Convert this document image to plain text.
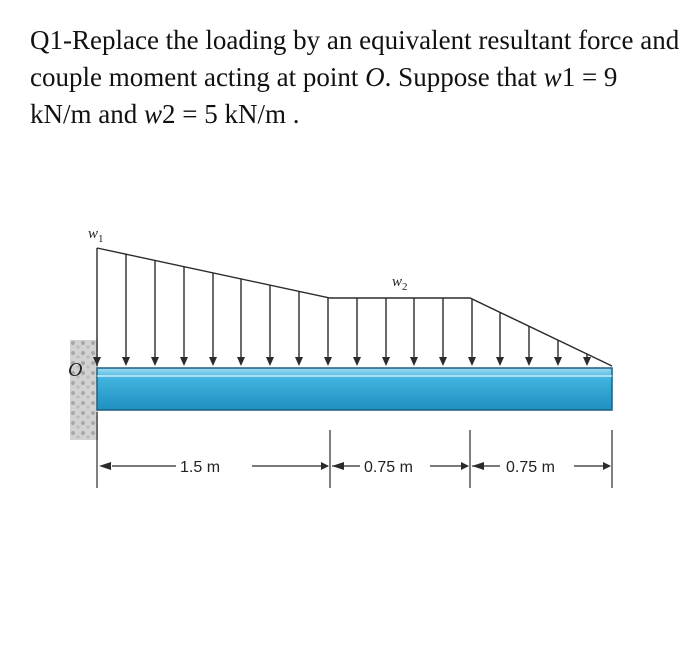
Q1-Replace the loading by an equivalent resultant force and couple moment acting at point O. Suppose that w1 = 9 kN/m and w2 = 5 kN/m .
$w_1$
$w_2$
O
1.5 m	0.75 m	0.75 m
